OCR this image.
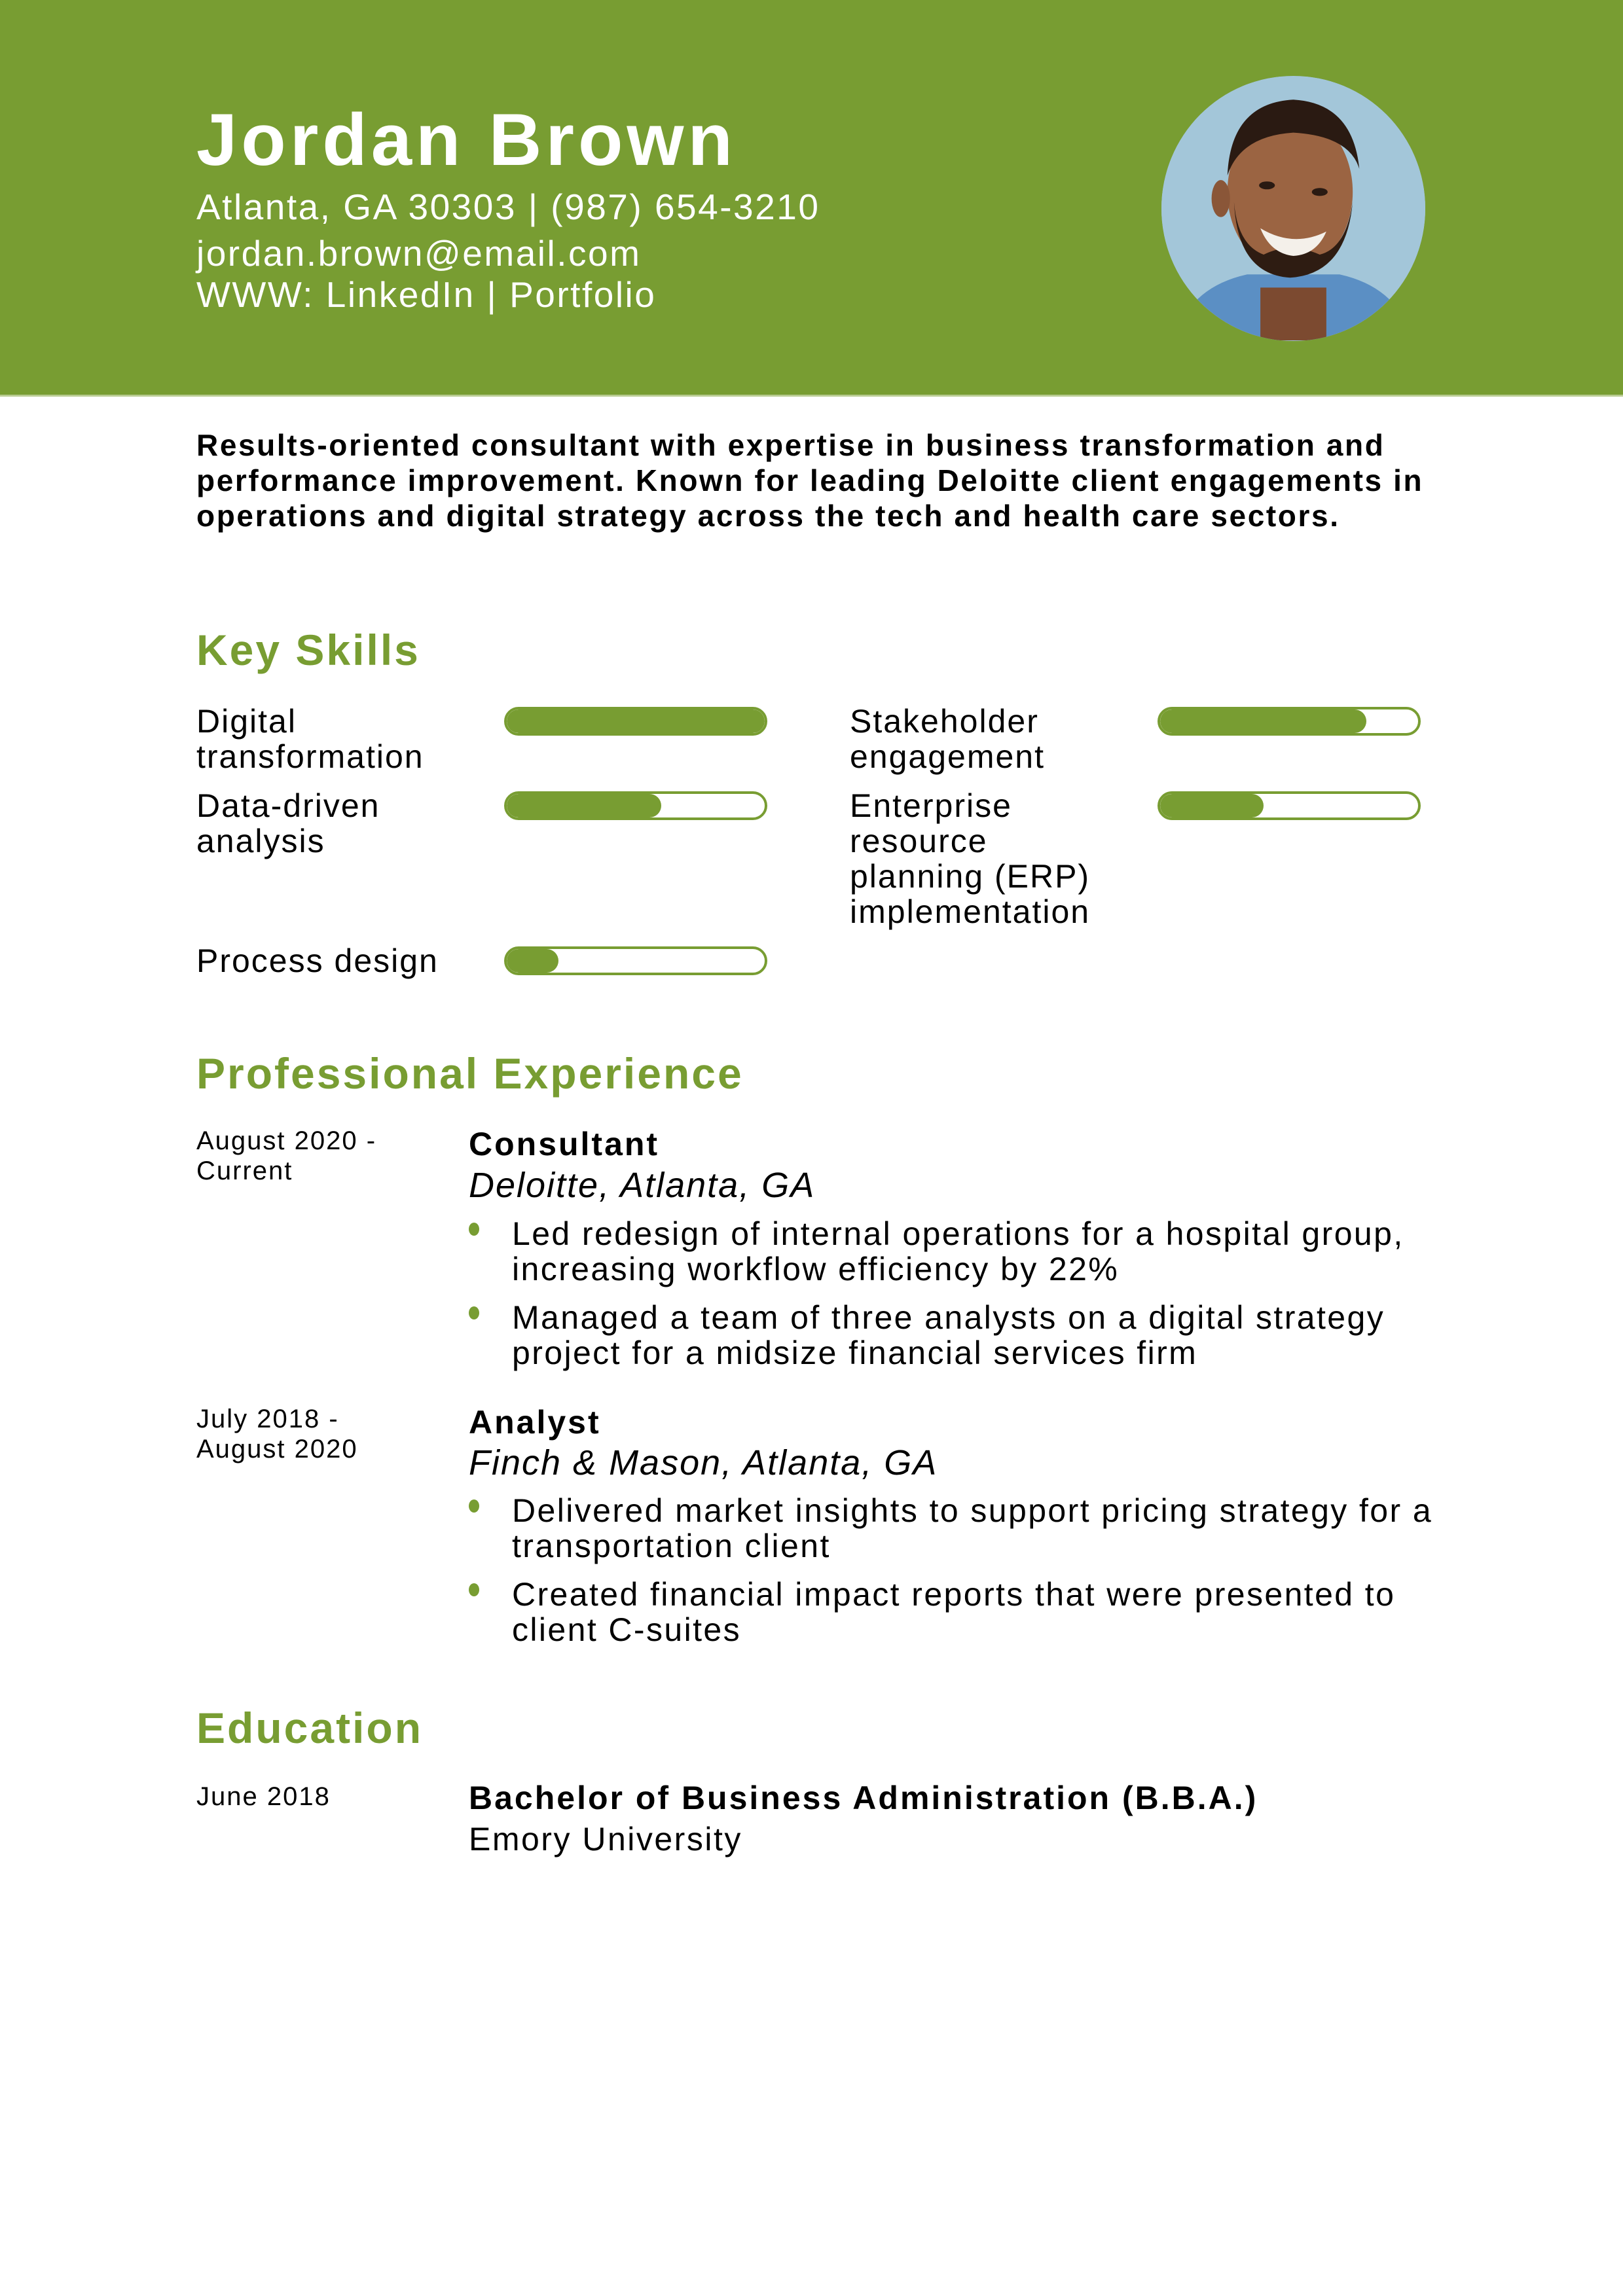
Jordan Brown
Atlanta, GA 30303 | (987) 654-3210
jordan.brown@email.com
WWW: LinkedIn | Portfolio

Results-oriented consultant with expertise in business transformation and performance improvement. Known for leading Deloitte client engagements in operations and digital strategy across the tech and health care sectors.

Key Skills
Digital transformation
Stakeholder engagement
Data-driven analysis
Enterprise resource planning (ERP) implementation
Process design
Professional Experience
August 2020 - Current
Consultant
Deloitte, Atlanta, GA
Led redesign of internal operations for a hospital group, increasing workflow efficiency by 22%
Managed a team of three analysts on a digital strategy project for a midsize financial services firm
July 2018 - August 2020
Analyst
Finch & Mason, Atlanta, GA
Delivered market insights to support pricing strategy for a transportation client
Created financial impact reports that were presented to client C-suites
Education
June 2018	Bachelor of Business Administration (B.B.A.)
Emory University
